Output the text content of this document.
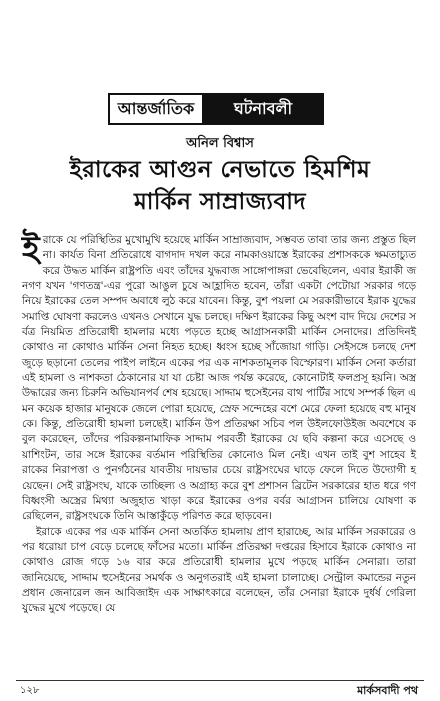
আন্তর্জাতিক	ঘটনাবলী
অনিল বিশ্বাস
ইরাকের আগুন নেভাতে হিমশিম
মার্কিন সাম্রাজ্যবাদ

ইরাকে যে পরিস্থিতির মুখোমুখি হয়েছে মার্কিন সাম্রাজ্যবাদ, সম্ভবত তাবা তার জন্য প্রস্তুত ছিল না। কার্যত বিনা প্রতিরোধে বাগদাদ দখল করে নামকাওয়াস্তে ইরাকের প্রশাসককে ক্ষমতাচ্যুত করে উদ্ধত মার্কিন রাষ্ট্রপতি এবং তাঁদের যুদ্ধবাজ সাঙ্গোপাঙ্গরা ভেবেছিলেন, এবার ইরাকী জনগণ যখন 'গণতন্ত্র'-এর পুরো আঙুল চুষে আহ্লাদিত হবেন, তাঁরা একটা পেটোয়া সরকার গড়ে নিয়ে ইরাকের তেল সম্পদ অবাধে লুঠ করে যাবেন। কিন্তু, বুশ পয়লা মে সরকারীভাবে ইরাক যুদ্ধের সমাপ্তি ঘোষণা করলেও এখনও সেখানে যুদ্ধ চলছে। দক্ষিণ ইরাকের কিছু অংশ বাদ দিয়ে দেশের সর্বত্র নিয়মিত প্রতিরোধী হামলার মধ্যে পড়তে হচ্ছে আগ্রাসনকারী মার্কিন সেনাদের। প্রতিদিনই কোথাও না কোথাও মার্কিন সেনা নিহত হচ্ছে। ধ্বংস হচ্ছে সাঁজোয়া গাড়ি। সেইসঙ্গে চলছে দেশজুড়ে ছড়ানো তেলের পাইপ লাইনে একের পর এক নাশকতামূলক বিস্ফোরণ। মার্কিন সেনা কর্তারা এই হামলা ও নাশকতা ঠেকানোর যা যা চেষ্টা আজ পর্যন্ত করেছে, কোনোটাই ফলপ্রসূ হয়নি। অস্ত্র উদ্ধারের জন্য চিরুনি অভিযানপর্ব শেষ হয়েছে। সাদ্দাম হুসেইনের বাথ পার্টির সাথে সম্পর্ক ছিল এমন কয়েক হাজার মানুষকে জেলে পোরা হয়েছে, স্রেফ সন্দেহের বশে মেরে ফেলা হয়েছে বহু মানুষকে। কিন্তু, প্রতিরোধী হামলা চলছেই। মার্কিন উপ প্রতিরক্ষা সচিব পল উইলফোউইজ অবশেষে কবুল করেছেন, তাঁদের পরিকল্পনামাফিক সাদ্দাম পরবর্তী ইরাকের যে ছবি কল্পনা করে এসেছে ওয়াশিংটন, তার সঙ্গে ইরাকের বর্তমান পরিস্থিতির কোনোও মিল নেই। এখন তাই বুশ সাহেব ইরাকের নিরাপত্তা ও পুনর্গঠনের যাবতীয় দায়ভার চেয়ে রাষ্ট্রসংঘের ঘাড়ে ফেলে দিতে উদ্যোগী হয়েছেন। সেই রাষ্ট্রসংঘ, যাকে তাচ্ছিল্য ও অগ্রাহ্য করে বুশ প্রশাসন ব্রিটেন সরকারের হাত ধরে গণবিধ্বংসী অস্ত্রের মিথ্যা অজুহাত খাড়া করে ইরাকের ওপর বর্বর আগ্রাসন চালিয়ে যোষণা করেছিলেন, রাষ্ট্রসংঘকে তিনি আস্তাকুঁড়ে পরিণত করে ছাড়বেন।

ইরাকে একের পর এক মার্কিন সেনা অতর্কিত হামলায় প্রাণ হারাচ্ছে, আর মার্কিন সরকারের ওপর ধরোয়া চাপ বেড়ে চলেছে ফাঁসের মতো। মার্কিন প্রতিরক্ষা দপ্তরের হিসাবে ইরাকে কোথাও না কোথাও রোজ গড়ে ১৬ বার করে প্রতিরোধী হামলার মুখে পড়ছে মার্কিন সেনারা। তারা জানিয়েছে, সাদ্দাম হুসেইনের সমর্থক ও অনুগতরাই এই হামলা চালাচ্ছে। সেন্ট্রাল কমান্ডের নতুন প্রধান জেনারেল জন আবিজাইদ এক সাক্ষাৎকারে বলেছেন, তাঁর সেনারা ইরাকে দুর্ধর্ষ গেরিলা যুদ্ধের মুখে পড়েছে। যে

১২৮	মার্কসবাদী পথ
